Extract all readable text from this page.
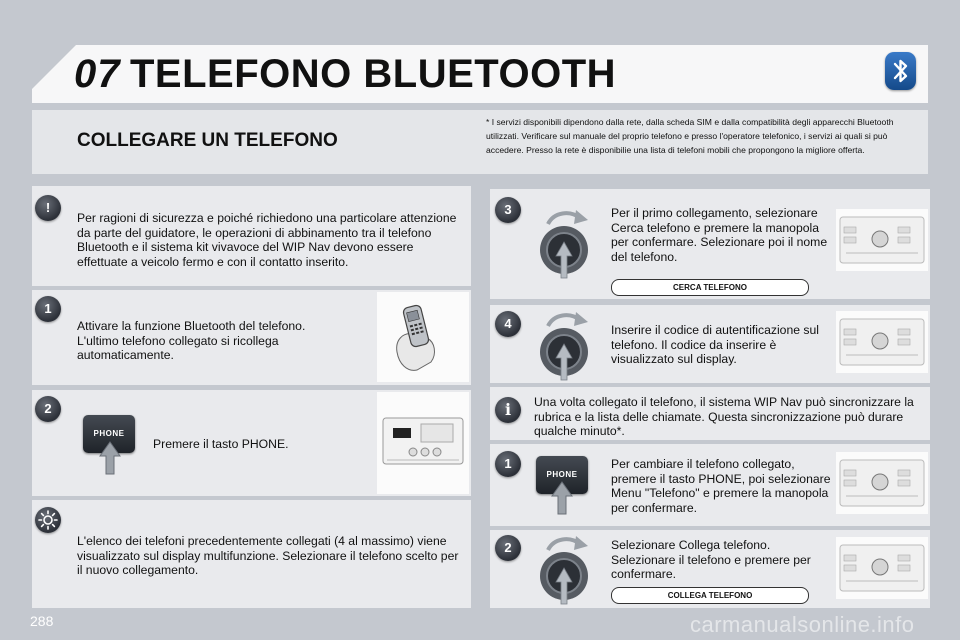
07 TELEFONO BLUETOOTH
COLLEGARE UN TELEFONO
* I servizi disponibili dipendono dalla rete, dalla scheda SIM e dalla compatibilità degli apparecchi Bluetooth utilizzati. Verificare sul manuale del proprio telefono e presso l'operatore telefonico, i servizi ai quali si può accedere. Presso la rete è disponibilie una lista di telefoni mobili che propongono la migliore offerta.
!
Per ragioni di sicurezza e poiché richiedono una particolare attenzione da parte del guidatore, le operazioni di abbinamento tra il telefono Bluetooth e il sistema kit vivavoce del WIP Nav devono essere effettuate a veicolo fermo e con il contatto inserito.
1
Attivare la funzione Bluetooth del telefono. L'ultimo telefono collegato si ricollega automaticamente.
2
PHONE
Premere il tasto PHONE.
L'elenco dei telefoni precedentemente collegati (4 al massimo) viene visualizzato sul display multifunzione. Selezionare il telefono scelto per il nuovo collegamento.
3	Per il primo collegamento, selezionare Cerca telefono e premere la manopola per confermare. Selezionare poi il nome del telefono.
CERCA TELEFONO
4	Inserire il codice di autentificazione sul telefono. Il codice da inserire è visualizzato sul display.
i	Una volta collegato il telefono, il sistema WIP Nav può sincronizzare la rubrica e la lista delle chiamate. Questa sincronizzazione può durare qualche minuto*.
1
PHONE
Per cambiare il telefono collegato, premere il tasto PHONE, poi selezionare Menu "Telefono" e premere la manopola per confermare.
2	Selezionare Collega telefono. Selezionare il telefono e premere per confermare.
COLLEGA TELEFONO
288	carmanualsonline.info
